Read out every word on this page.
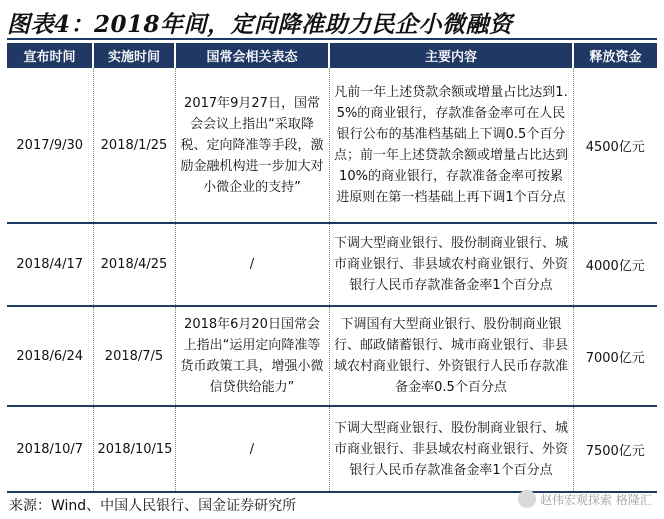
图表4：2018年间，定向降准助力民企小微融资
宣布时间	实施时间	国常会相关表态	主要内容	释放资金
2017/9/30	2018/1/25	2017年9月27日，国常会会议上指出“采取降税、定向降准等手段，激励金融机构进一步加大对小微企业的支持”	凡前一年上述贷款余额或增量占比达到1.5%的商业银行，存款准备金率可在人民银行公布的基准档基础上下调0.5个百分点；前一年上述贷款余额或增量占比达到10%的商业银行，存款准备金率可按累进原则在第一档基础上再下调1个百分点	4500亿元
2018/4/17	2018/4/25	/	下调大型商业银行、股份制商业银行、城市商业银行、非县域农村商业银行、外资银行人民币存款准备金率1个百分点	4000亿元
2018/6/24	2018/7/5	2018年6月20日国常会上指出“运用定向降准等货币政策工具，增强小微信贷供给能力”	下调国有大型商业银行、股份制商业银行、邮政储蓄银行、城市商业银行、非县域农村商业银行、外资银行人民币存款准备金率0.5个百分点	7000亿元
2018/10/7	2018/10/15	/	下调大型商业银行、股份制商业银行、城市商业银行、非县域农村商业银行、外资银行人民币存款准备金率1个百分点	7500亿元
来源：Wind、中国人民银行、国金证券研究所	赵伟宏观探索 格隆汇
